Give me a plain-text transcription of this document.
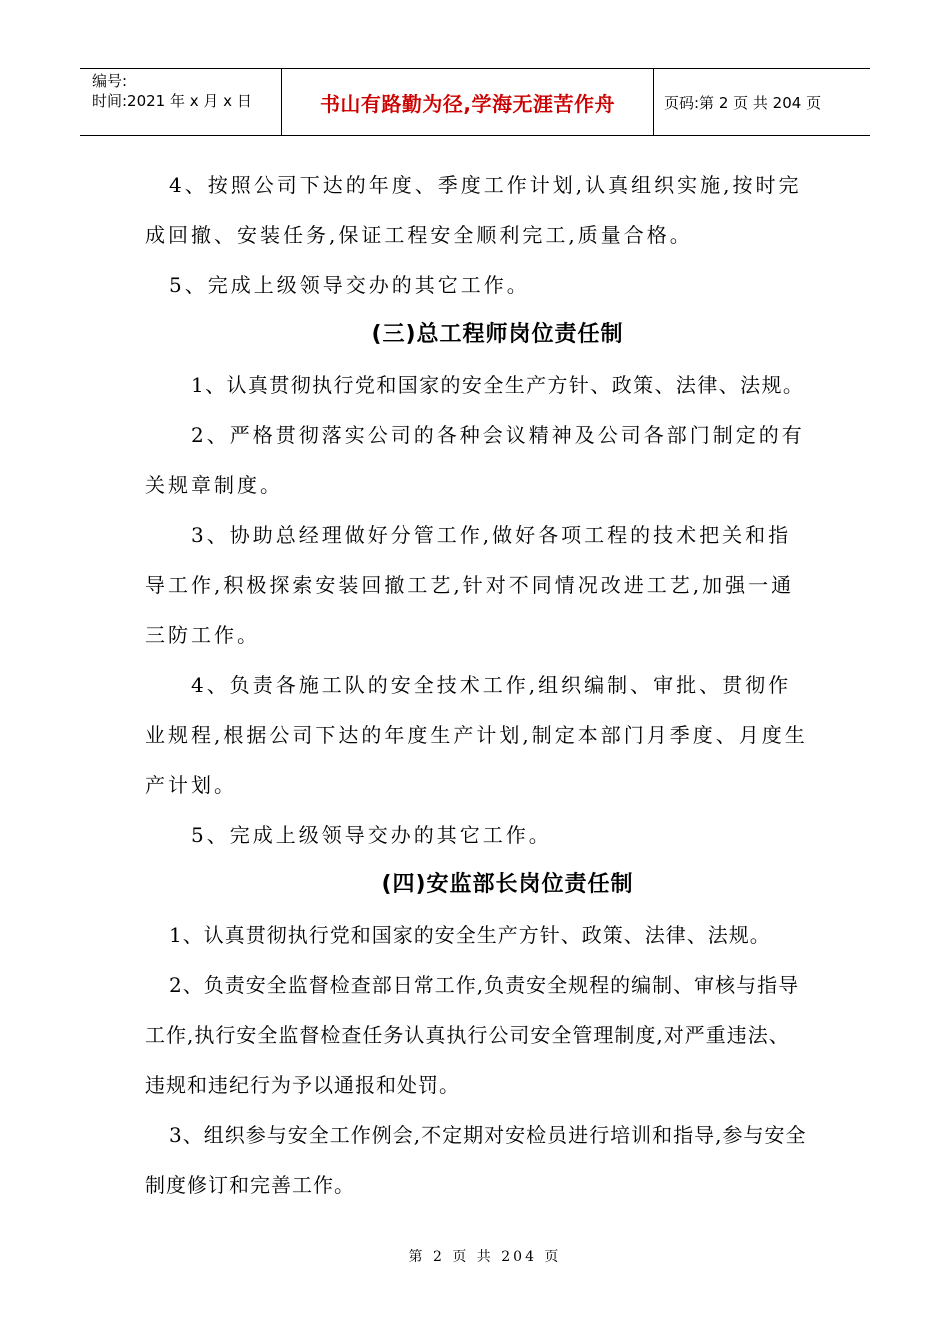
编号:
时间:2021 年 x 月 x 日	书山有路勤为径,学海无涯苦作舟	页码:第 2 页 共 204 页

4、按照公司下达的年度、季度工作计划,认真组织实施,按时完成回撤、安装任务,保证工程安全顺利完工,质量合格。

5、完成上级领导交办的其它工作。

(三)总工程师岗位责任制

1、认真贯彻执行党和国家的安全生产方针、政策、法律、法规。

2、严格贯彻落实公司的各种会议精神及公司各部门制定的有关规章制度。

3、协助总经理做好分管工作,做好各项工程的技术把关和指导工作,积极探索安装回撤工艺,针对不同情况改进工艺,加强一通三防工作。

4、负责各施工队的安全技术工作,组织编制、审批、贯彻作业规程,根据公司下达的年度生产计划,制定本部门月季度、月度生产计划。

5、完成上级领导交办的其它工作。

(四)安监部长岗位责任制

1、认真贯彻执行党和国家的安全生产方针、政策、法律、法规。

2、负责安全监督检查部日常工作,负责安全规程的编制、审核与指导工作,执行安全监督检查任务认真执行公司安全管理制度,对严重违法、违规和违纪行为予以通报和处罚。

3、组织参与安全工作例会,不定期对安检员进行培训和指导,参与安全制度修订和完善工作。

第 2 页 共 204 页
